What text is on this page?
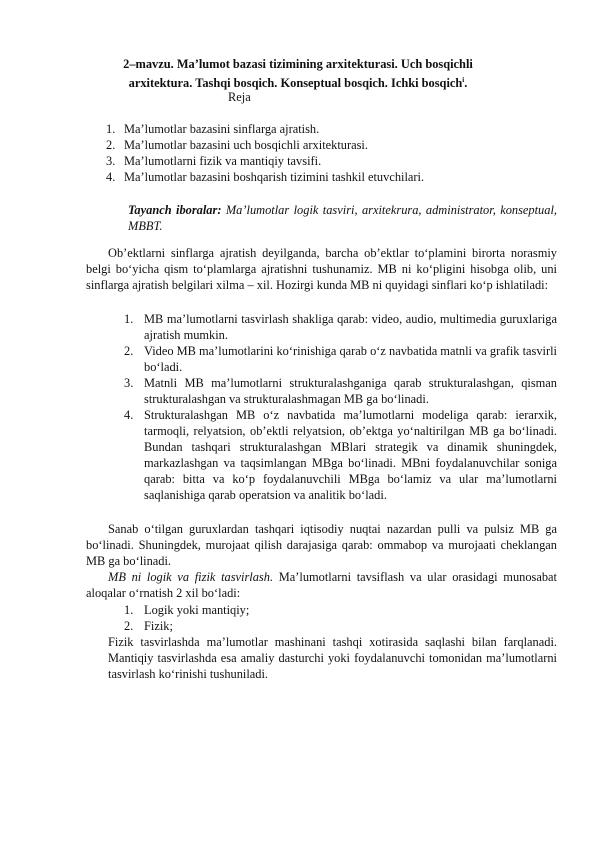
2–mavzu. Ma’lumot bazasi tizimining arxitekturasi. Uch bosqichli arxitektura. Tashqi bosqich. Konseptual bosqich. Ichki bosqich$^i$.
Reja
1. Ma’lumotlar bazasini sinflarga ajratish.
2. Ma’lumotlar bazasini uch bosqichli arxitekturasi.
3. Ma’lumotlarni fizik va mantiqiy tavsifi.
4. Ma’lumotlar bazasini boshqarish tizimini tashkil etuvchilari.
Tayanch iboralar: Ma’lumotlar logik tasviri, arxitekrura, administrator, konseptual, MBBT.

Ob’ektlarni sinflarga ajratish deyilganda, barcha ob’ektlar to‘plamini birorta norasmiy belgi bo‘yicha qism to‘plamlarga ajratishni tushunamiz. MB ni ko‘pligini hisobga olib, uni sinflarga ajratish belgilari xilma – xil. Hozirgi kunda MB ni quyidagi sinflari ko‘p ishlatiladi:

1. MB ma’lumotlarni tasvirlash shakliga qarab: video, audio, multimedia guruxlariga ajratish mumkin.
2. Video MB ma’lumotlarini ko‘rinishiga qarab o‘z navbatida matnli va grafik tasvirli bo‘ladi.
3. Matnli MB ma’lumotlarni strukturalashganiga qarab strukturalashgan, qisman strukturalashgan va strukturalashmagan MB ga bo‘linadi.
4. Strukturalashgan MB o‘z navbatida ma’lumotlarni modeliga qarab: ierarxik, tarmoqli, relyatsion, ob’ektli relyatsion, ob’ektga yo‘naltirilgan MB ga bo‘linadi. Bundan tashqari strukturalashgan MBlari strategik va dinamik shuningdek, markazlashgan va taqsimlangan MBga bo‘linadi. MBni foydalanuvchilar soniga qarab: bitta va ko‘p foydalanuvchili MBga bo‘lamiz va ular ma’lumotlarni saqlanishiga qarab operatsion va analitik bo‘ladi.

Sanab o‘tilgan guruxlardan tashqari iqtisodiy nuqtai nazardan pulli va pulsiz MB ga bo‘linadi. Shuningdek, murojaat qilish darajasiga qarab: ommabop va murojaati cheklangan MB ga bo‘linadi.

MB ni logik va fizik tasvirlash. Ma’lumotlarni tavsiflash va ular orasidagi munosabat aloqalar o‘rnatish 2 xil bo‘ladi:

1. Logik yoki mantiqiy;
2. Fizik;

Fizik tasvirlashda ma’lumotlar mashinani tashqi xotirasida saqlashi bilan farqlanadi. Mantiqiy tasvirlashda esa amaliy dasturchi yoki foydalanuvchi tomonidan ma’lumotlarni tasvirlash ko‘rinishi tushuniladi.
